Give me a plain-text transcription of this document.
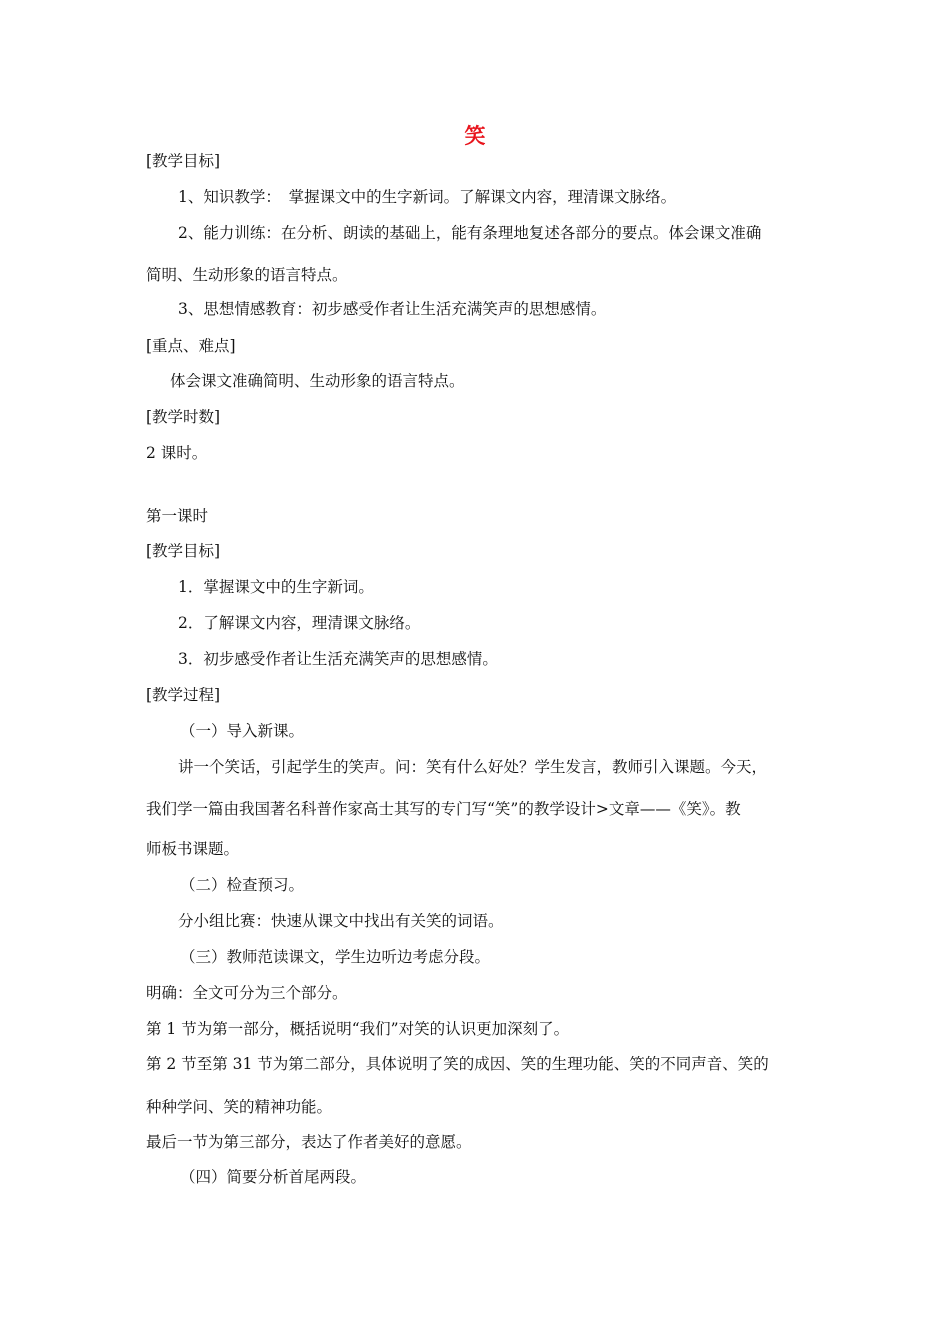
笑
[教学目标]
1、知识教学：　掌握课文中的生字新词。了解课文内容，理清课文脉络。
2、能力训练：在分析、朗读的基础上，能有条理地复述各部分的要点。体会课文准确
简明、生动形象的语言特点。
3、思想情感教育：初步感受作者让生活充满笑声的思想感情。
[重点、难点]
体会课文准确简明、生动形象的语言特点。
[教学时数]
2 课时。
第一课时
[教学目标]
1．掌握课文中的生字新词。
2．了解课文内容，理清课文脉络。
3．初步感受作者让生活充满笑声的思想感情。
[教学过程]
（一）导入新课。
讲一个笑话，引起学生的笑声。问：笑有什么好处？学生发言，教师引入课题。今天，
我们学一篇由我国著名科普作家高士其写的专门写“笑”的教学设计>文章——《笑》。教
师板书课题。
（二）检查预习。
分小组比赛：快速从课文中找出有关笑的词语。
（三）教师范读课文，学生边听边考虑分段。
明确：全文可分为三个部分。
第 1 节为第一部分，概括说明“我们”对笑的认识更加深刻了。
第 2 节至第 31 节为第二部分，具体说明了笑的成因、笑的生理功能、笑的不同声音、笑的
种种学问、笑的精神功能。
最后一节为第三部分，表达了作者美好的意愿。
（四）简要分析首尾两段。
